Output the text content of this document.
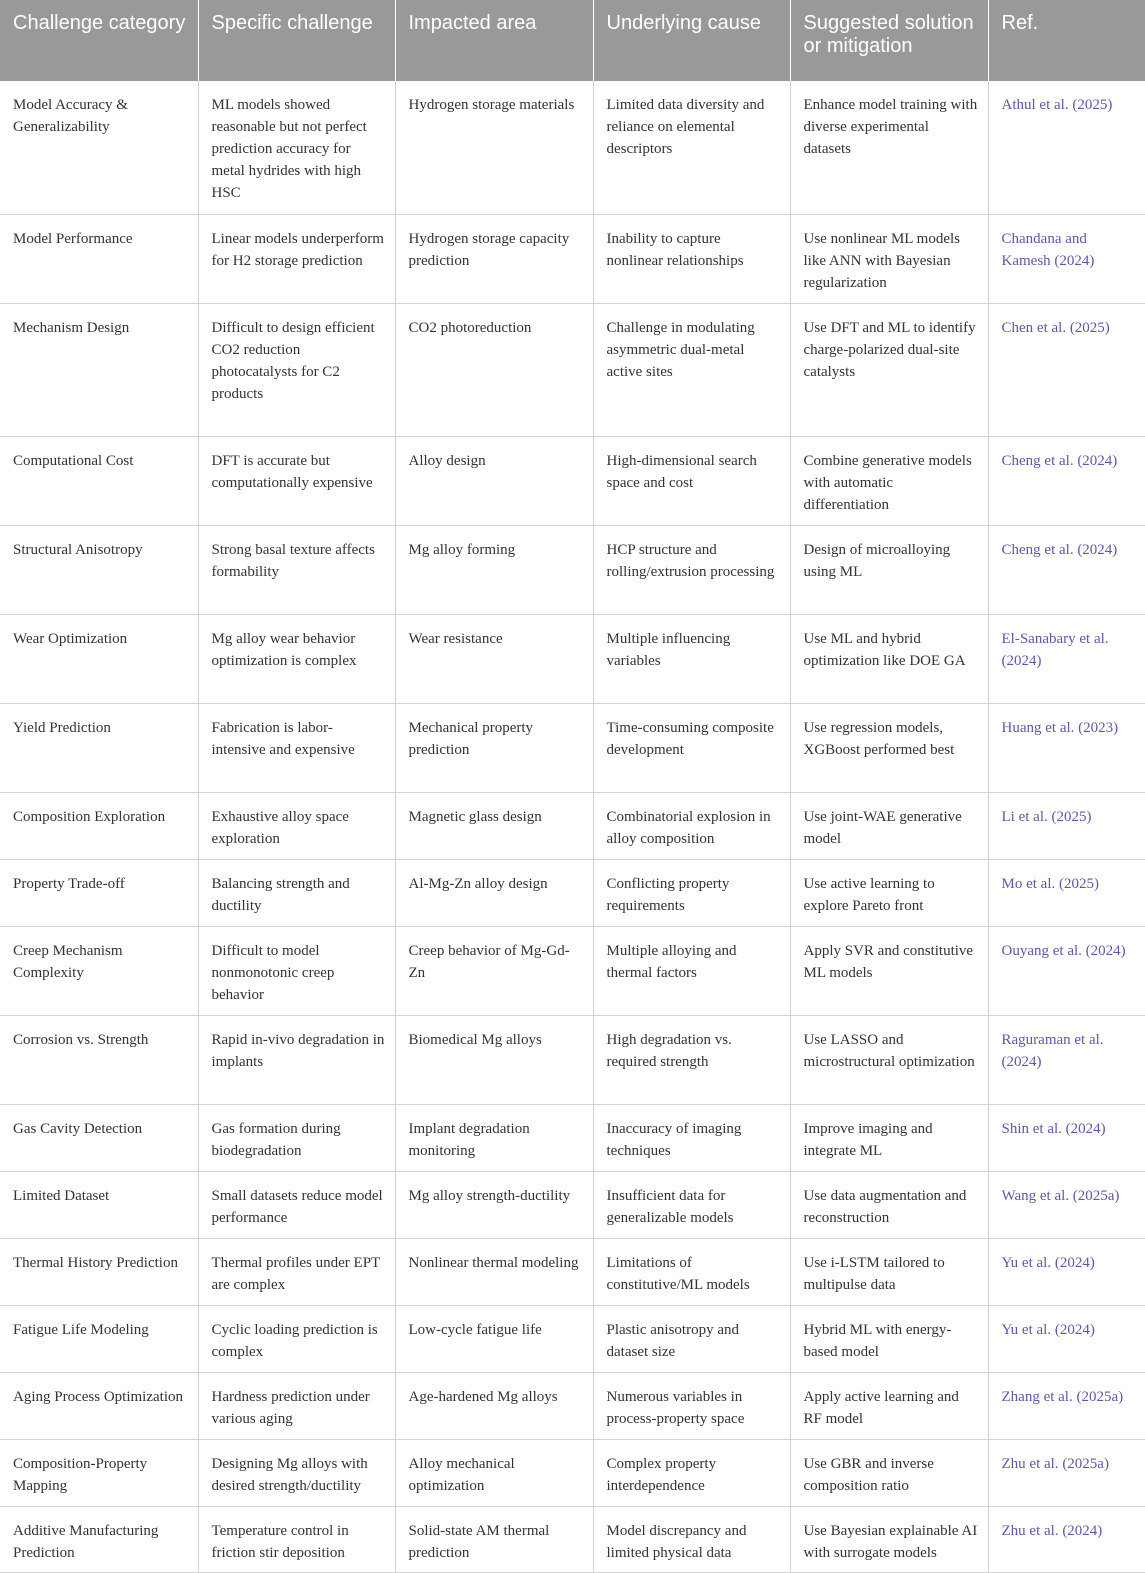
Challenge category	Specific challenge	Impacted area	Underlying cause	Suggested solution or mitigation	Ref.
Model Accuracy & Generalizability	ML models showed reasonable but not perfect prediction accuracy for metal hydrides with high HSC	Hydrogen storage materials	Limited data diversity and reliance on elemental descriptors	Enhance model training with diverse experimental datasets	Athul et al. (2025)
Model Performance	Linear models underperform for H2 storage prediction	Hydrogen storage capacity prediction	Inability to capture nonlinear relationships	Use nonlinear ML models like ANN with Bayesian regularization	Chandana and Kamesh (2024)
Mechanism Design	Difficult to design efficient CO2 reduction photocatalysts for C2 products	CO2 photoreduction	Challenge in modulating asymmetric dual-metal active sites	Use DFT and ML to identify charge-polarized dual-site catalysts	Chen et al. (2025)
Computational Cost	DFT is accurate but computationally expensive	Alloy design	High-dimensional search space and cost	Combine generative models with automatic differentiation	Cheng et al. (2024)
Structural Anisotropy	Strong basal texture affects formability	Mg alloy forming	HCP structure and rolling/extrusion processing	Design of microalloying using ML	Cheng et al. (2024)
Wear Optimization	Mg alloy wear behavior optimization is complex	Wear resistance	Multiple influencing variables	Use ML and hybrid optimization like DOE GA	El-Sanabary et al. (2024)
Yield Prediction	Fabrication is labor-intensive and expensive	Mechanical property prediction	Time-consuming composite development	Use regression models, XGBoost performed best	Huang et al. (2023)
Composition Exploration	Exhaustive alloy space exploration	Magnetic glass design	Combinatorial explosion in alloy composition	Use joint-WAE generative model	Li et al. (2025)
Property Trade-off	Balancing strength and ductility	Al-Mg-Zn alloy design	Conflicting property requirements	Use active learning to explore Pareto front	Mo et al. (2025)
Creep Mechanism Complexity	Difficult to model nonmonotonic creep behavior	Creep behavior of Mg-Gd-Zn	Multiple alloying and thermal factors	Apply SVR and constitutive ML models	Ouyang et al. (2024)
Corrosion vs. Strength	Rapid in-vivo degradation in implants	Biomedical Mg alloys	High degradation vs. required strength	Use LASSO and microstructural optimization	Raguraman et al. (2024)
Gas Cavity Detection	Gas formation during biodegradation	Implant degradation monitoring	Inaccuracy of imaging techniques	Improve imaging and integrate ML	Shin et al. (2024)
Limited Dataset	Small datasets reduce model performance	Mg alloy strength-ductility	Insufficient data for generalizable models	Use data augmentation and reconstruction	Wang et al. (2025a)
Thermal History Prediction	Thermal profiles under EPT are complex	Nonlinear thermal modeling	Limitations of constitutive/ML models	Use i-LSTM tailored to multipulse data	Yu et al. (2024)
Fatigue Life Modeling	Cyclic loading prediction is complex	Low-cycle fatigue life	Plastic anisotropy and dataset size	Hybrid ML with energy-based model	Yu et al. (2024)
Aging Process Optimization	Hardness prediction under various aging	Age-hardened Mg alloys	Numerous variables in process-property space	Apply active learning and RF model	Zhang et al. (2025a)
Composition-Property Mapping	Designing Mg alloys with desired strength/ductility	Alloy mechanical optimization	Complex property interdependence	Use GBR and inverse composition ratio	Zhu et al. (2025a)
Additive Manufacturing Prediction	Temperature control in friction stir deposition	Solid-state AM thermal prediction	Model discrepancy and limited physical data	Use Bayesian explainable AI with surrogate models	Zhu et al. (2024)
